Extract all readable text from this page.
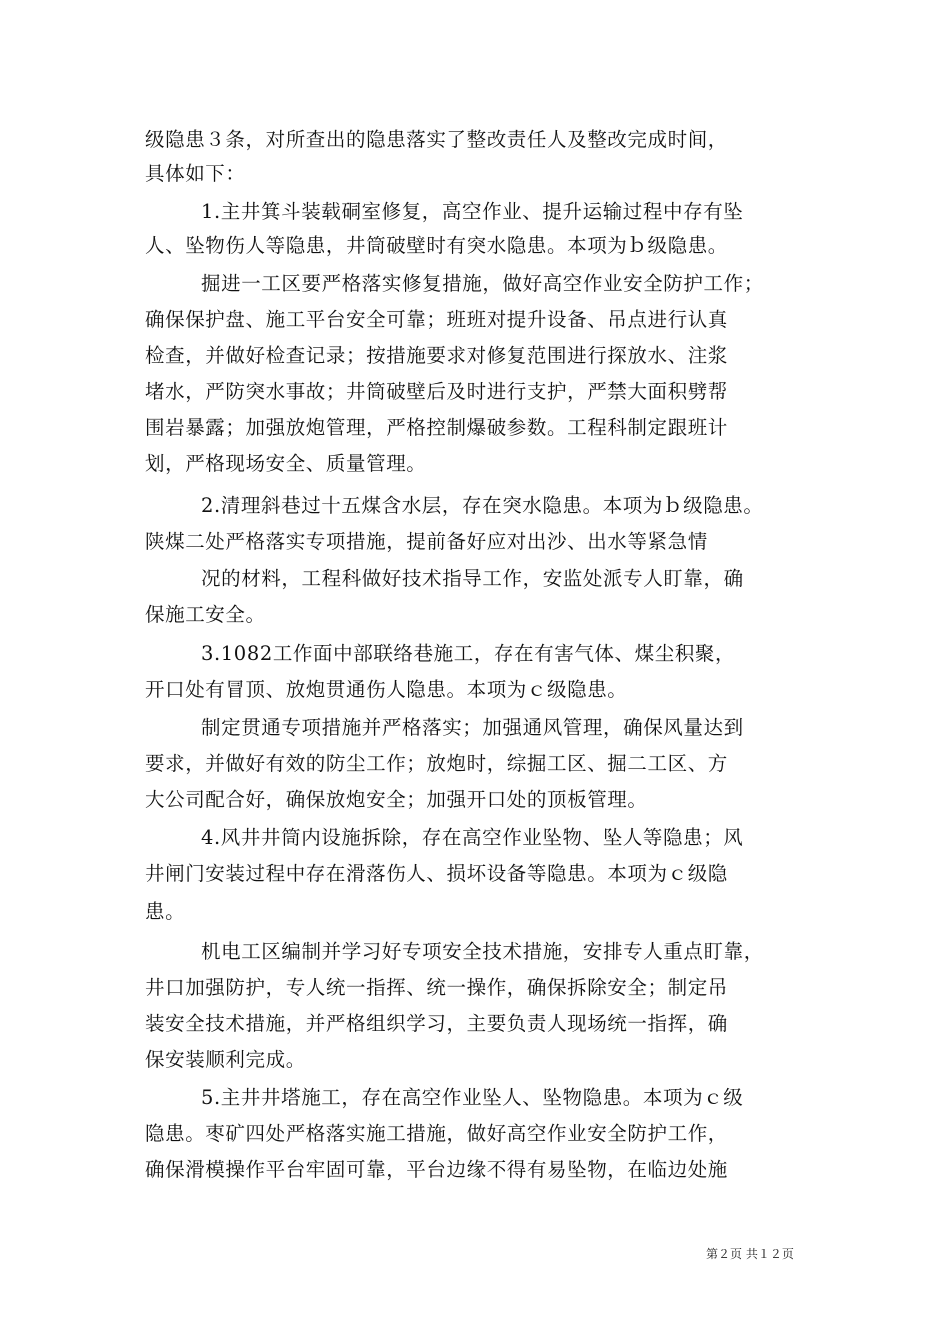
级隐患３条，对所查出的隐患落实了整改责任人及整改完成时间，
具体如下：
1.主井箕斗装载硐室修复，高空作业、提升运输过程中存有坠
人、坠物伤人等隐患，井筒破壁时有突水隐患。本项为ｂ级隐患。
掘进一工区要严格落实修复措施，做好高空作业安全防护工作；
确保保护盘、施工平台安全可靠；班班对提升设备、吊点进行认真
检查，并做好检查记录；按措施要求对修复范围进行探放水、注浆
堵水，严防突水事故；井筒破壁后及时进行支护，严禁大面积劈帮
围岩暴露；加强放炮管理，严格控制爆破参数。工程科制定跟班计
划，严格现场安全、质量管理。
2.清理斜巷过十五煤含水层，存在突水隐患。本项为ｂ级隐患。
陕煤二处严格落实专项措施，提前备好应对出沙、出水等紧急情
况的材料，工程科做好技术指导工作，安监处派专人盯靠，确
保施工安全。
3.1082工作面中部联络巷施工，存在有害气体、煤尘积聚，
开口处有冒顶、放炮贯通伤人隐患。本项为ｃ级隐患。
制定贯通专项措施并严格落实；加强通风管理，确保风量达到
要求，并做好有效的防尘工作；放炮时，综掘工区、掘二工区、方
大公司配合好，确保放炮安全；加强开口处的顶板管理。
4.风井井筒内设施拆除，存在高空作业坠物、坠人等隐患；风
井闸门安装过程中存在滑落伤人、损坏设备等隐患。本项为ｃ级隐
患。
机电工区编制并学习好专项安全技术措施，安排专人重点盯靠，
井口加强防护，专人统一指挥、统一操作，确保拆除安全；制定吊
装安全技术措施，并严格组织学习，主要负责人现场统一指挥，确
保安装顺利完成。
5.主井井塔施工，存在高空作业坠人、坠物隐患。本项为ｃ级
隐患。枣矿四处严格落实施工措施，做好高空作业安全防护工作，
确保滑模操作平台牢固可靠，平台边缘不得有易坠物，在临边处施
第２页 共１２页
